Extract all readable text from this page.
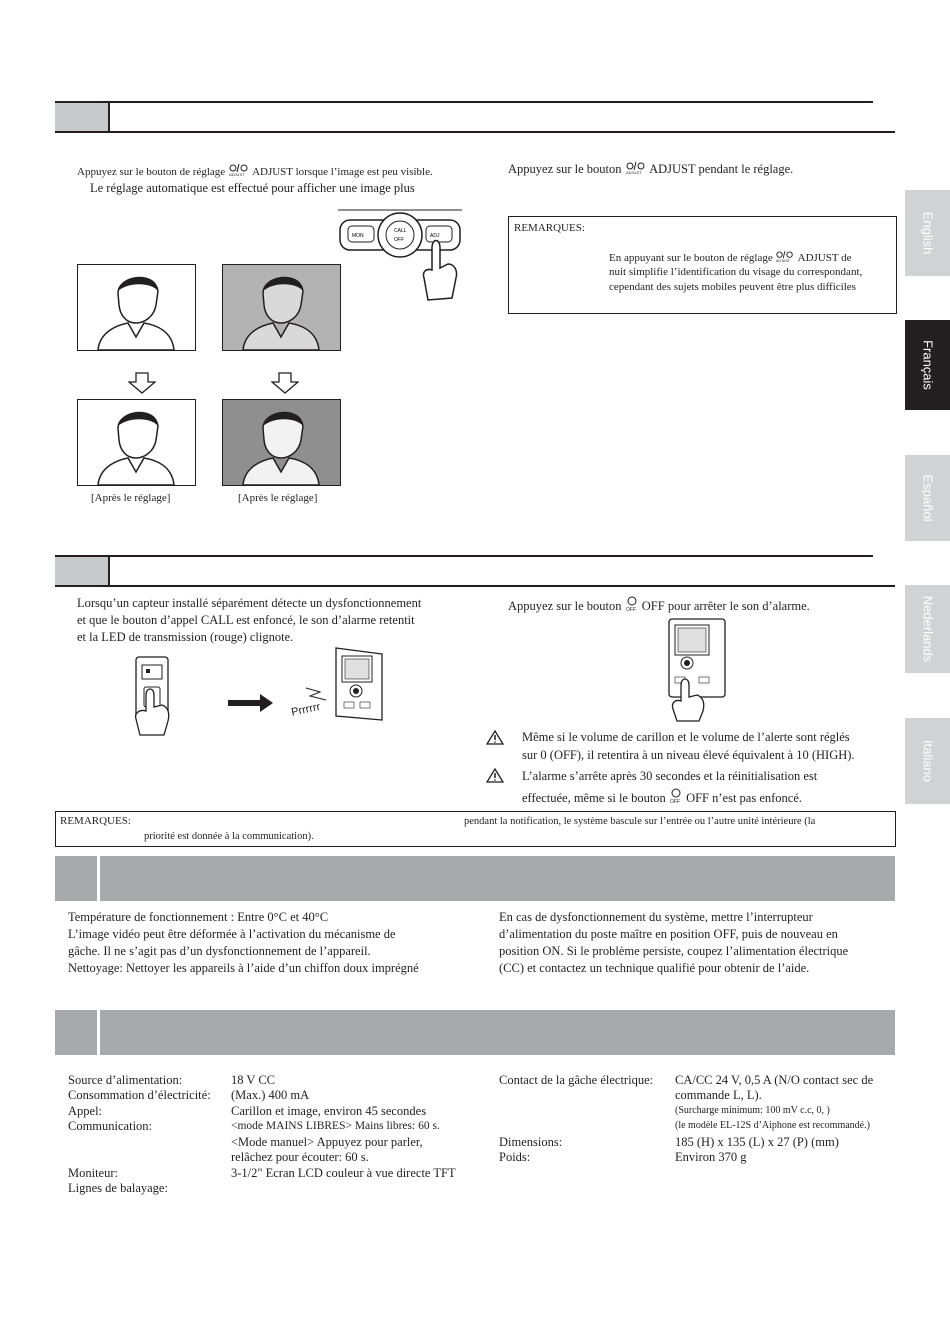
English
Français
Español
Nederlands
Italiano
Appuyez sur le bouton de réglage ADJUST ADJUST lorsque l’image est peu visible.
Le réglage automatique est effectué pour afficher une image plus
CALL
OFF
MON	ADJ
[Après le réglage]	[Après le réglage]
Appuyez sur le bouton ADJUST ADJUST pendant le réglage.
REMARQUES:
En appuyant sur le bouton de réglage ADJUST ADJUST de
nuit simplifie l’identification du visage du correspondant,
cependant des sujets mobiles peuvent être plus difficiles
Lorsqu’un capteur installé séparément détecte un dysfonctionnement
et que le bouton d’appel CALL est enfoncé, le son d’alarme retentit
et la LED de transmission (rouge) clignote.
Prrrrrr
Appuyez sur le bouton OFF OFF pour arrêter le son d’alarme.
Même si le volume de carillon et le volume de l’alerte sont réglés
sur 0 (OFF), il retentira à un niveau élevé équivalent à 10 (HIGH).
L’alarme s’arrête après 30 secondes et la réinitialisation est
effectuée, même si le bouton OFF OFF n’est pas enfoncé.
REMARQUES:	pendant la notification, le système bascule sur l’entrée ou l’autre unité intérieure (la
priorité est donnée à la communication).
Température de fonctionnement : Entre 0°C et 40°C
L’image vidéo peut être déformée à l’activation du mécanisme de
gâche. Il ne s’agit pas d’un dysfonctionnement de l’appareil.
Nettoyage: Nettoyer les appareils à l’aide d’un chiffon doux imprégné
En cas de dysfonctionnement du système, mettre l’interrupteur
d’alimentation du poste maître en position OFF, puis de nouveau en
position ON. Si le problème persiste, coupez l’alimentation électrique
(CC) et contactez un technique qualifié pour obtenir de l’aide.
Source d’alimentation:	18 V CC
Consommation d’électricité: (Max.) 400 mA
Appel:	Carillon et image, environ 45 secondes
Communication:	<mode MAINS LIBRES> Mains libres: 60 s.
<Mode manuel> Appuyez pour parler,
relâchez pour écouter: 60 s.
Moniteur:	3-1/2" Ecran LCD couleur à vue directe TFT
Lignes de balayage:
Contact de la gâche électrique: CA/CC 24 V, 0,5 A (N/O contact sec de
commande L, L).
(Surcharge minimum: 100 mV c.c, 0, )
(le modèle EL-12S d’Aiphone est recommandé.)
Dimensions:	185 (H) x 135 (L) x 27 (P) (mm)
Poids:	Environ 370 g
